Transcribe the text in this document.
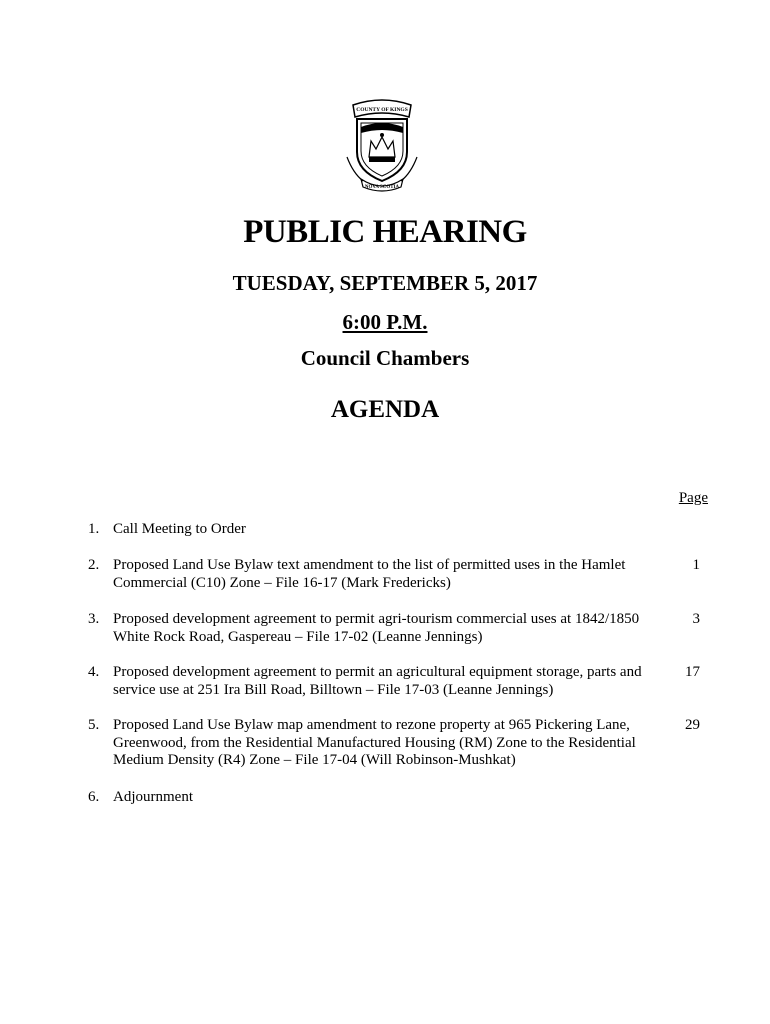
COUNTY OF KINGS
NOVA SCOTIA
PUBLIC HEARING
TUESDAY, SEPTEMBER 5, 2017
6:00 P.M.
Council Chambers
AGENDA
Page
1. Call Meeting to Order
2. Proposed Land Use Bylaw text amendment to the list of permitted uses in the Hamlet Commercial (C10) Zone – File 16-17 (Mark Fredericks)
1
3. Proposed development agreement to permit agri-tourism commercial uses at 1842/1850 White Rock Road, Gaspereau – File 17-02 (Leanne Jennings)
3
4. Proposed development agreement to permit an agricultural equipment storage, parts and service use at 251 Ira Bill Road, Billtown – File 17-03 (Leanne Jennings)
17
5. Proposed Land Use Bylaw map amendment to rezone property at 965 Pickering Lane, Greenwood, from the Residential Manufactured Housing (RM) Zone to the Residential Medium Density (R4) Zone – File 17-04 (Will Robinson-Mushkat)
29
6. Adjournment
